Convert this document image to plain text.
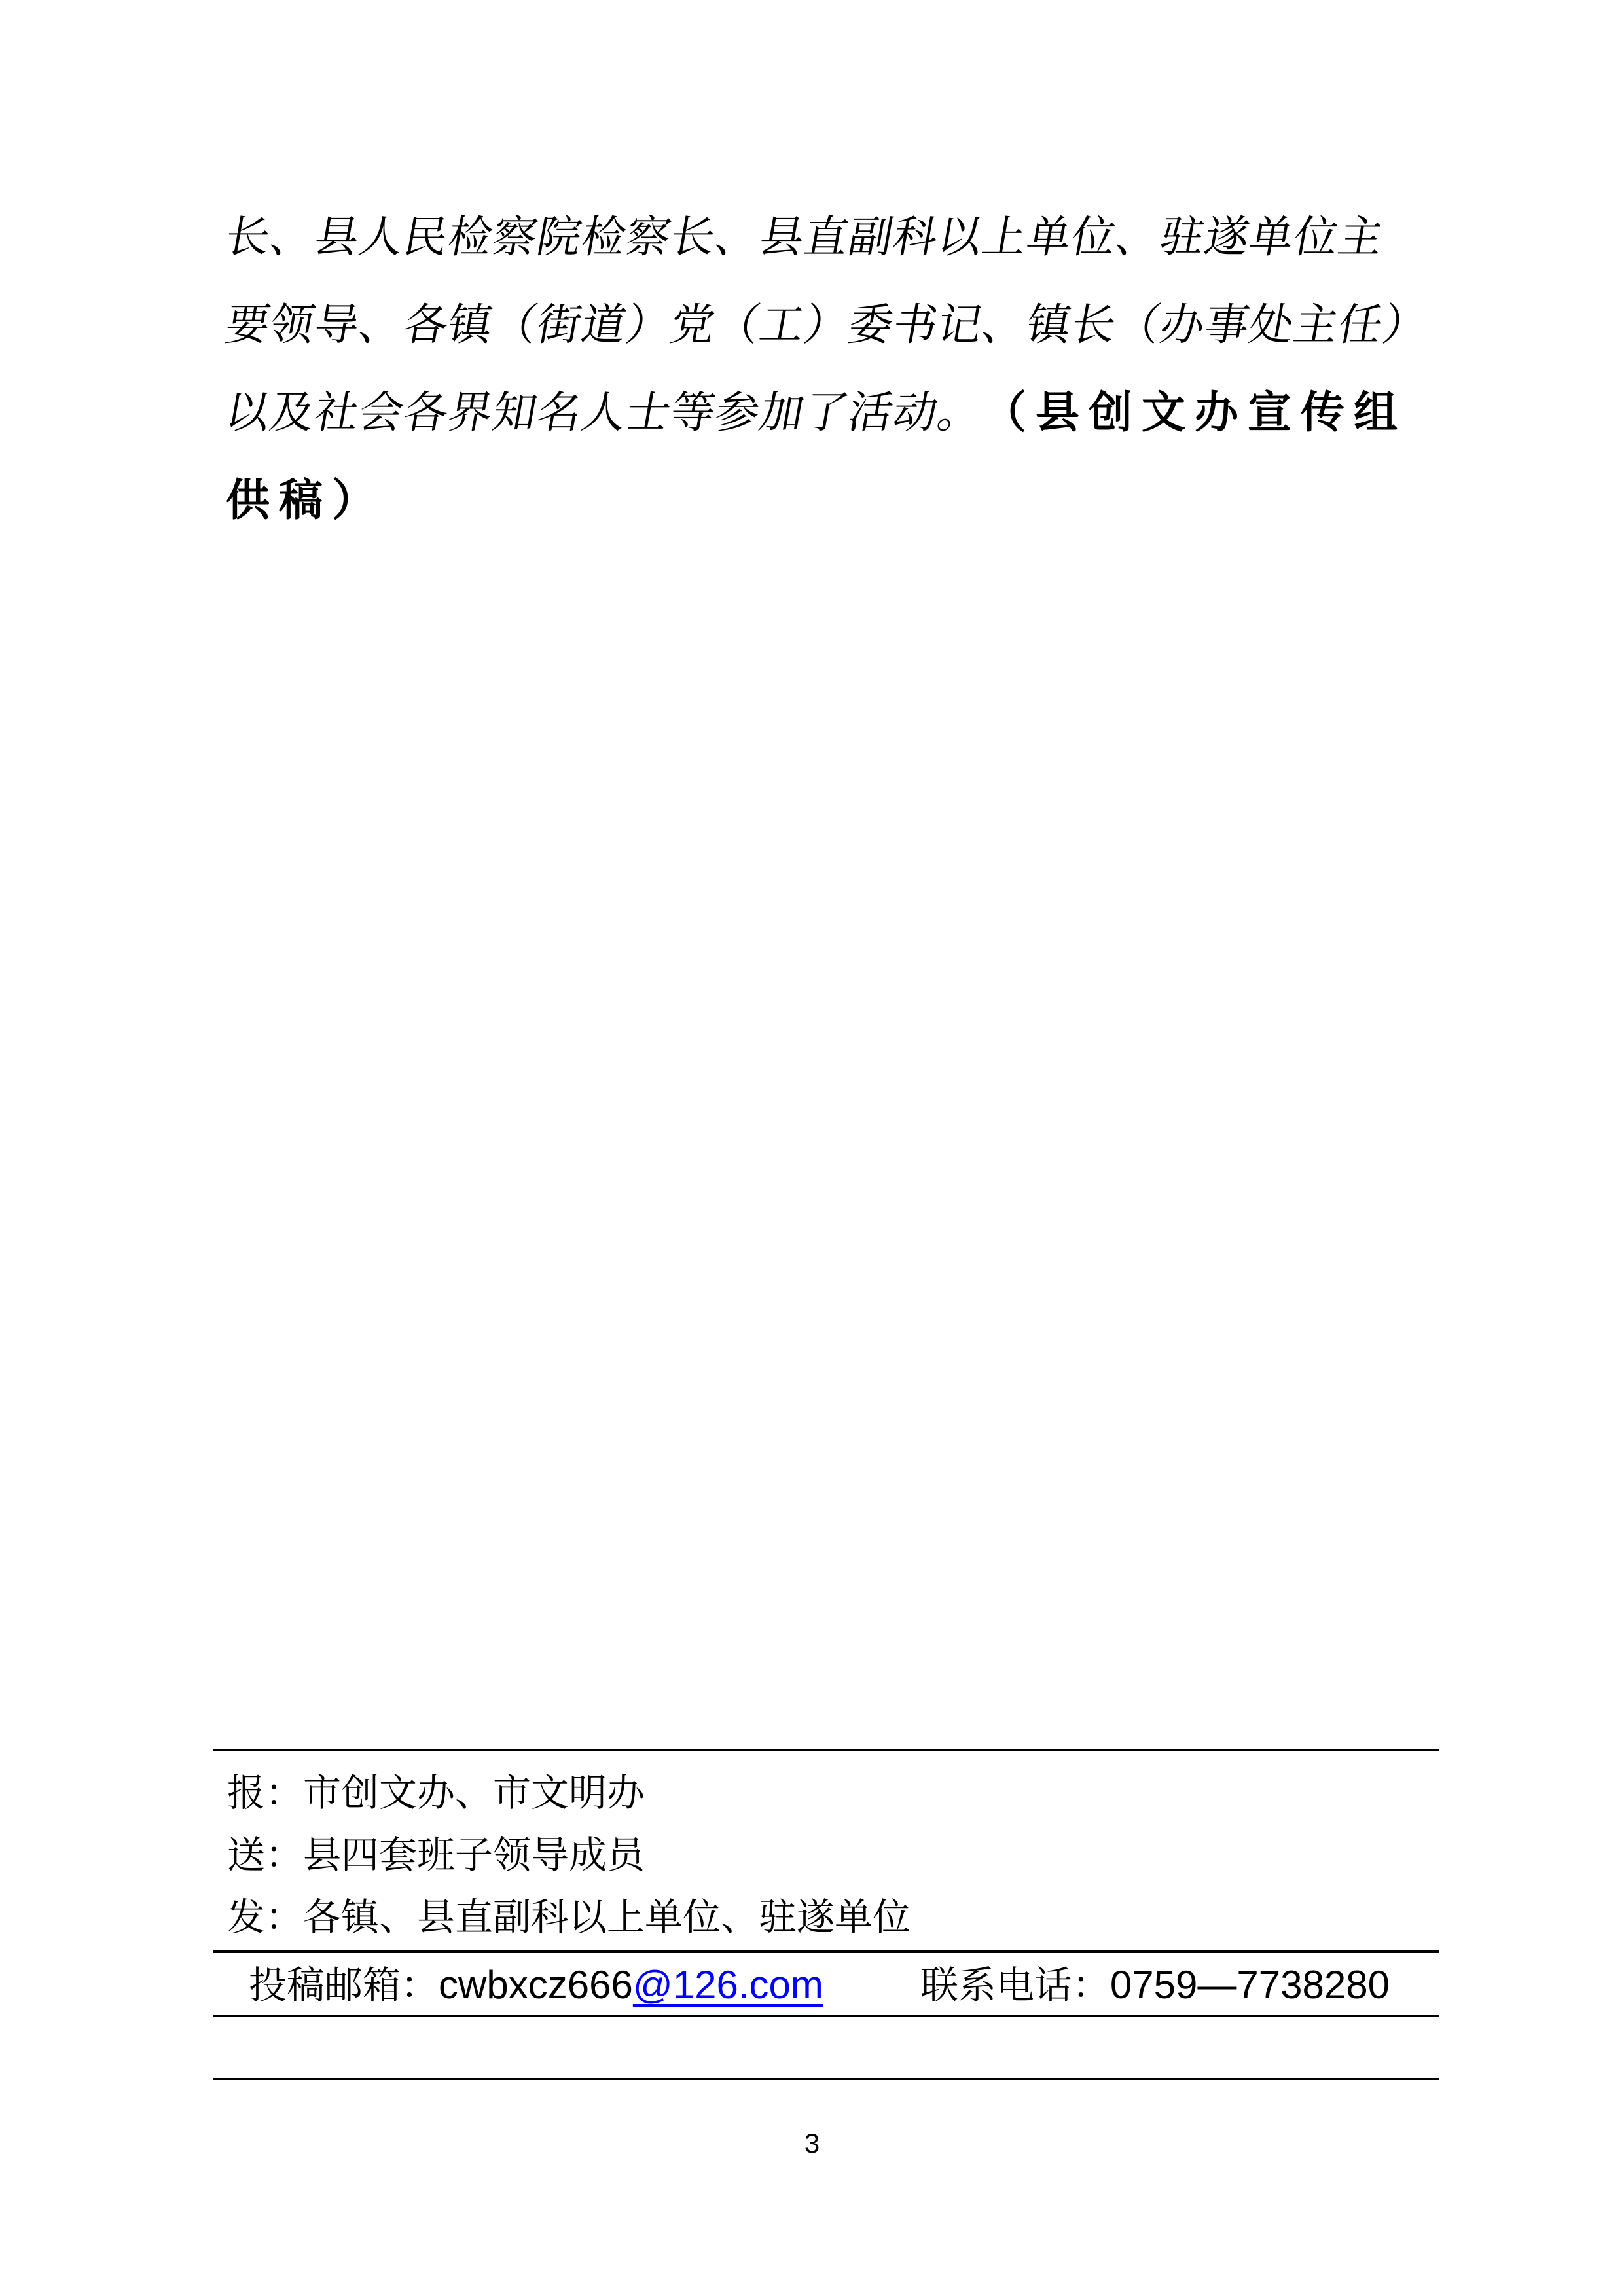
长、县人民检察院检察长、县直副科以上单位、驻遂单位主
要领导、各镇（街道）党（工）委书记、镇长（办事处主任）
以及社会各界知名人士等参加了活动。（县创文办宣传组
供稿）
报：市创文办、市文明办
送：县四套班子领导成员
发：各镇、县直副科以上单位、驻遂单位
投稿邮箱：cwbxcz666@126.com	联系电话：0759—7738280
3
